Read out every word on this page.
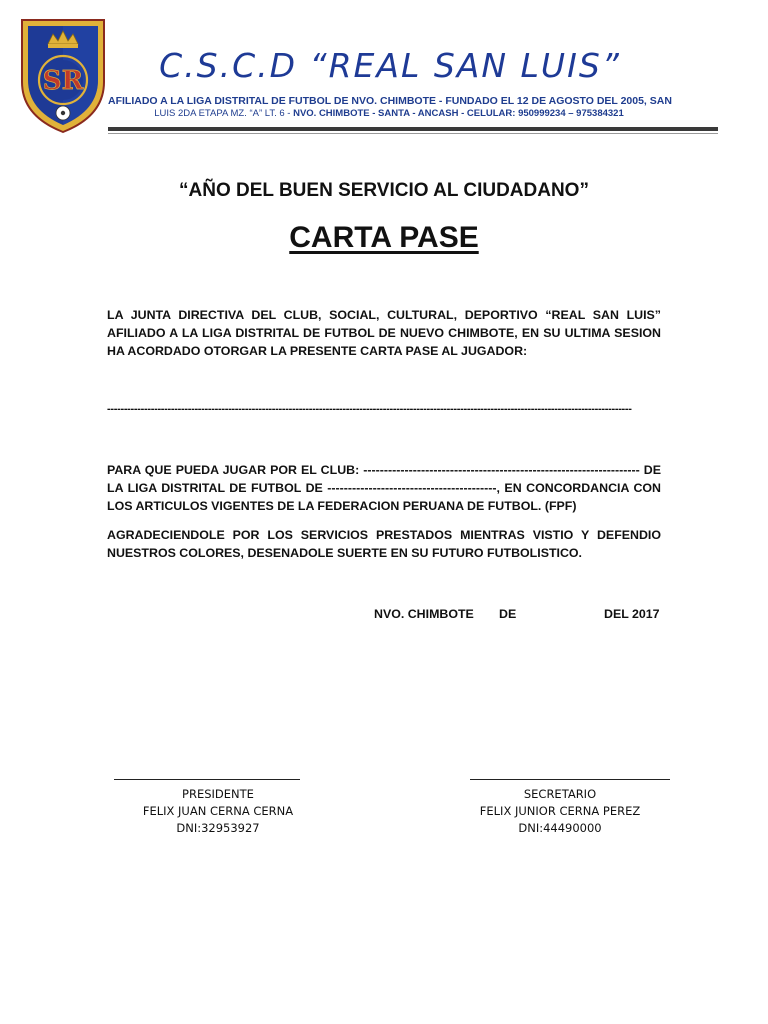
SR	C.S.C.D “REAL SAN LUIS”
AFILIADO A LA LIGA DISTRITAL DE FUTBOL DE NVO. CHIMBOTE - FUNDADO EL 12 DE AGOSTO DEL 2005, SAN
LUIS 2DA ETAPA MZ. “A” LT. 6 - NVO. CHIMBOTE - SANTA - ANCASH - CELULAR: 950999234 – 975384321
“AÑO DEL BUEN SERVICIO AL CIUDADANO”
CARTA PASE
LA JUNTA DIRECTIVA DEL CLUB, SOCIAL, CULTURAL, DEPORTIVO “REAL SAN LUIS” AFILIADO A LA LIGA DISTRITAL DE FUTBOL DE NUEVO CHIMBOTE, EN SU ULTIMA SESION HA ACORDADO OTORGAR LA PRESENTE CARTA PASE AL JUGADOR:
------------------------------------------------------------------------------------------------------------------------------------------------------------
PARA QUE PUEDA JUGAR POR EL CLUB: ------------------------------------------------------------------- DE LA LIGA DISTRITAL DE FUTBOL DE -----------------------------------------, EN CONCORDANCIA CON LOS ARTICULOS VIGENTES DE LA FEDERACION PERUANA DE FUTBOL. (FPF)
AGRADECIENDOLE POR LOS SERVICIOS PRESTADOS MIENTRAS VISTIO Y DEFENDIO NUESTROS COLORES, DESENADOLE SUERTE EN SU FUTURO FUTBOLISTICO.
NVO. CHIMBOTE DE	DEL 2017
PRESIDENTE
FELIX JUAN CERNA CERNA
DNI:32953927
SECRETARIO
FELIX JUNIOR CERNA PEREZ
DNI:44490000
